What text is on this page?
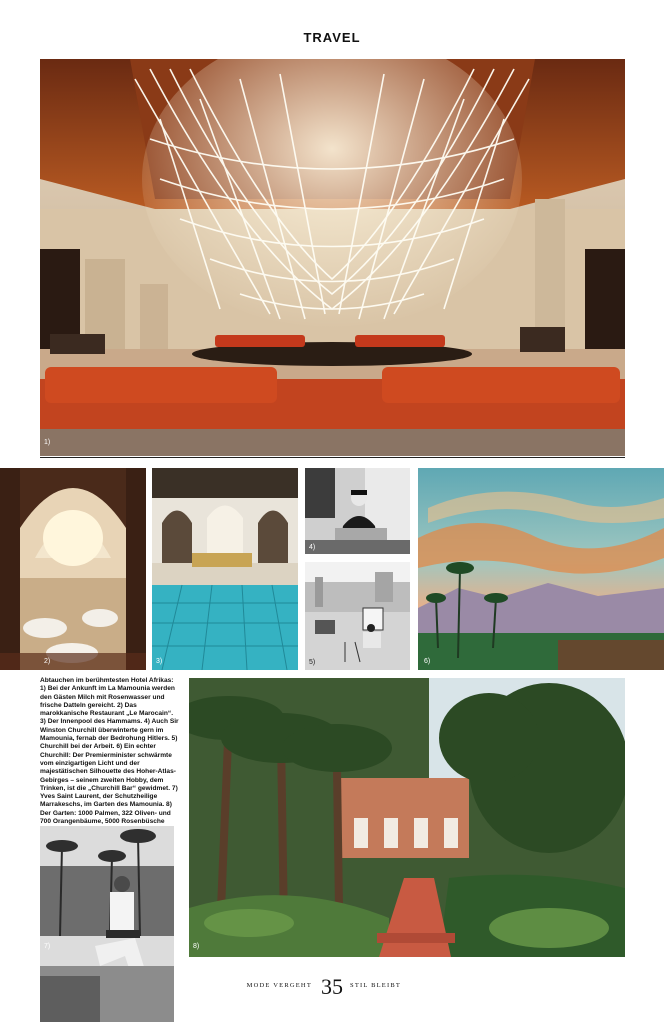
TRAVEL
1)
2)	3)
4)
5)	6)
Abtauchen im berühmtesten Hotel Afrikas: 1) Bei der Ankunft im La Mamounia werden den Gästen Milch mit Rosenwasser und frische Datteln gereicht. 2) Das marokkanische Restaurant „Le Marocain“. 3) Der Innenpool des Hammams. 4) Auch Sir Winston Churchill überwinterte gern im Mamounia, fernab der Bedrohung Hitlers. 5) Churchill bei der Arbeit. 6) Ein echter Churchill: Der Premierminister schwärmte vom einzigartigen Licht und der majestätischen Silhouette des Hoher-Atlas-Gebirges – seinem zweiten Hobby, dem Trinken, ist die „Churchill Bar“ gewidmet. 7) Yves Saint Laurent, der Schutzheilige Marrakeschs, im Garten des Mamounia. 8) Der Garten: 1000 Palmen, 322 Oliven- und 700 Orangenbäume, 5000 Rosenbüsche
7)	8)
MODE VERGEHT 35	STIL BLEIBT
